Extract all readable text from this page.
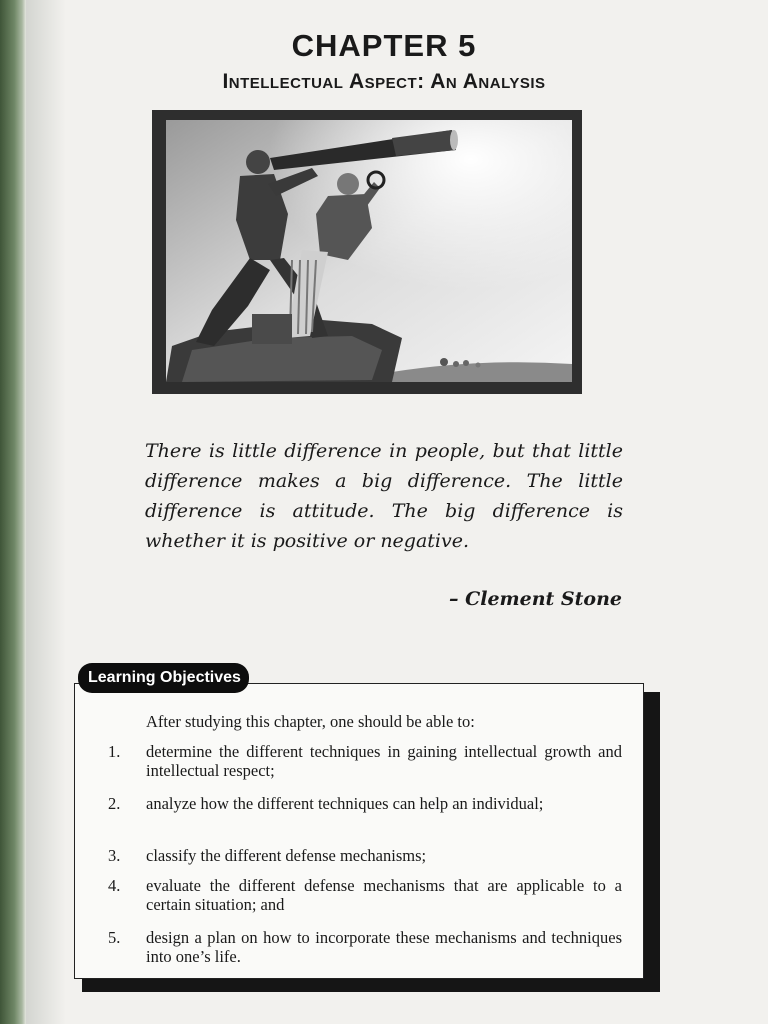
CHAPTER 5
Intellectual Aspect: An Analysis

There is little difference in people, but that little difference makes a big difference. The little difference is attitude. The big difference is whether it is positive or negative.

– Clement Stone

Learning Objectives

After studying this chapter, one should be able to:

1. determine the different techniques in gaining intellectual growth and intellectual respect;

2. analyze how the different techniques can help an individual;

3. classify the different defense mechanisms;

4. evaluate the different defense mechanisms that are applicable to a certain situation; and

5. design a plan on how to incorporate these mechanisms and techniques into one’s life.
